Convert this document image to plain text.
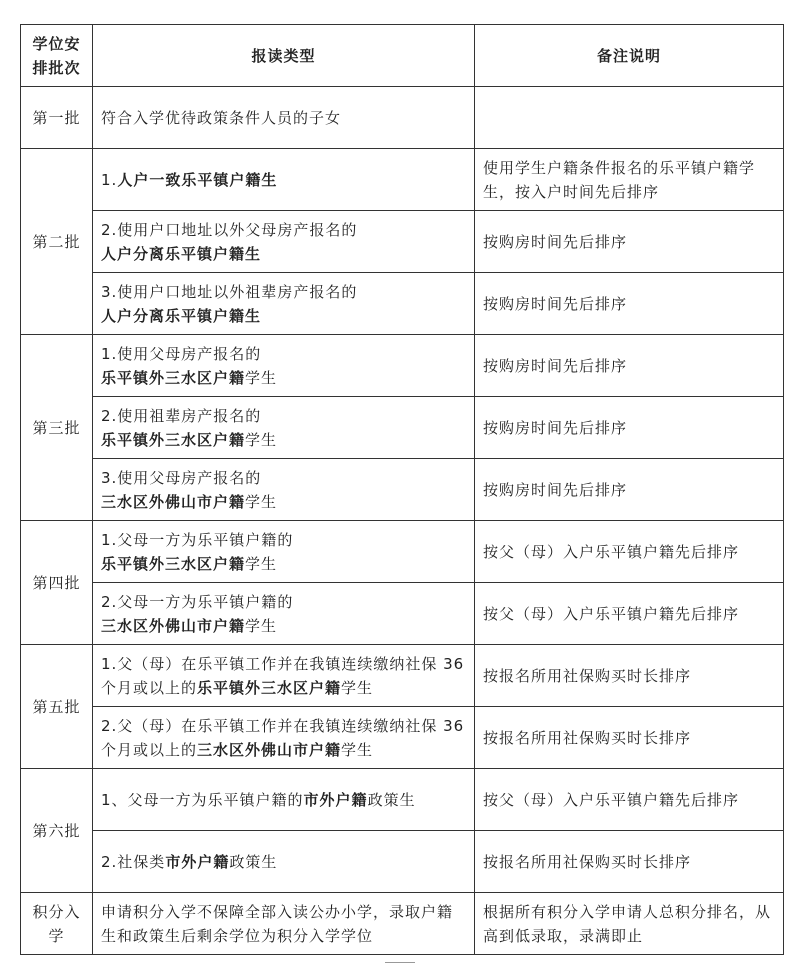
学位安排批次	报读类型	备注说明
第一批	符合入学优待政策条件人员的子女	
第二批	1.人户一致乐平镇户籍生	使用学生户籍条件报名的乐平镇户籍学生，按入户时间先后排序
	2.使用户口地址以外父母房产报名的
人户分离乐平镇户籍生	按购房时间先后排序
	3.使用户口地址以外祖辈房产报名的
人户分离乐平镇户籍生	按购房时间先后排序
第三批	1.使用父母房产报名的
乐平镇外三水区户籍学生	按购房时间先后排序
	2.使用祖辈房产报名的
乐平镇外三水区户籍学生	按购房时间先后排序
	3.使用父母房产报名的
三水区外佛山市户籍学生	按购房时间先后排序
第四批	1.父母一方为乐平镇户籍的
乐平镇外三水区户籍学生	按父（母）入户乐平镇户籍先后排序
	2.父母一方为乐平镇户籍的
三水区外佛山市户籍学生	按父（母）入户乐平镇户籍先后排序
第五批	1.父（母）在乐平镇工作并在我镇连续缴纳社保 36 个月或以上的乐平镇外三水区户籍学生	按报名所用社保购买时长排序
	2.父（母）在乐平镇工作并在我镇连续缴纳社保 36 个月或以上的三水区外佛山市户籍学生	按报名所用社保购买时长排序
第六批	1、父母一方为乐平镇户籍的市外户籍政策生	按父（母）入户乐平镇户籍先后排序
	2.社保类市外户籍政策生	按报名所用社保购买时长排序
积分入学	申请积分入学不保障全部入读公办小学，录取户籍生和政策生后剩余学位为积分入学学位	根据所有积分入学申请人总积分排名，从高到低录取，录满即止
